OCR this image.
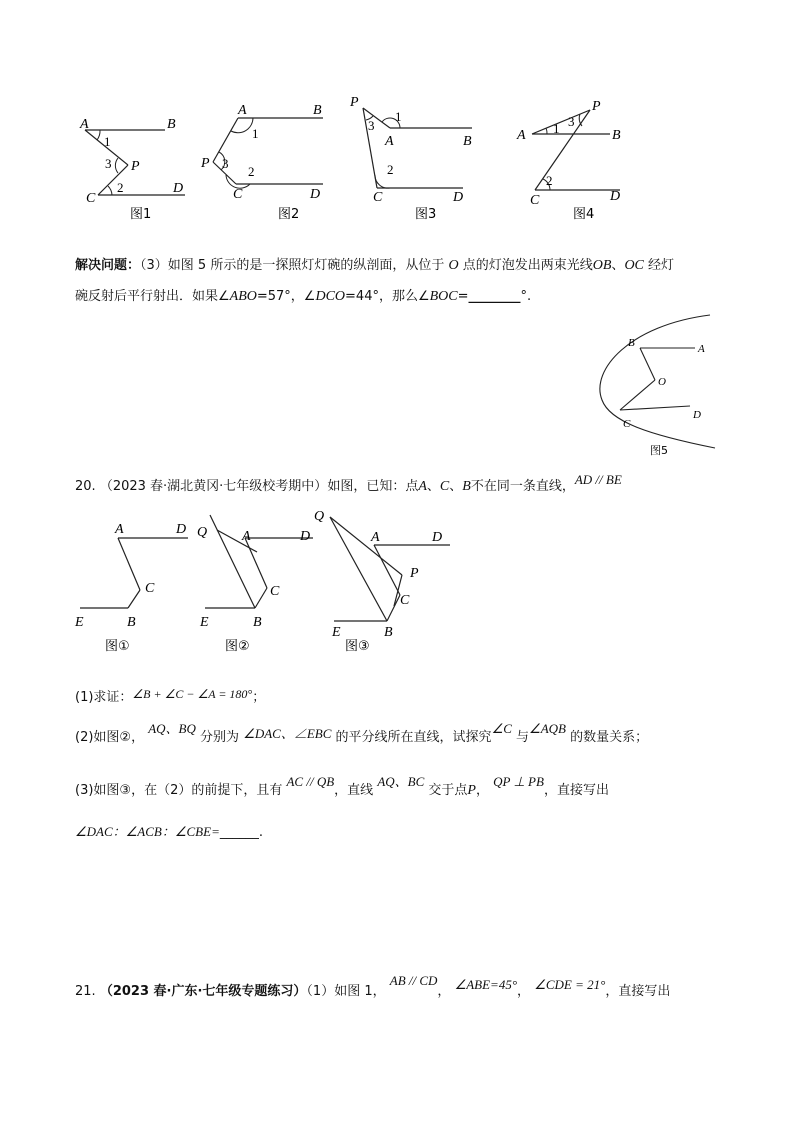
A	B
P
C
D
1
3
2
图1
A	B
P
C	D
1
3
2
图2
P
A	B
C	D
3
1
2
图3
A
P
B
C	D
1 3
2
图4
解决问题：（3）如图 5 所示的是一探照灯灯碗的纵剖面，从位于 O 点的灯泡发出两束光线OB、OC 经灯
碗反射后平行射出．如果∠ABO=57°，∠DCO=44°，那么∠BOC=________°.
B	A
O
D
C
图5
20. （2023 春·湖北黄冈·七年级校考期中）如图，已知：点A、C、B不在同一条直线，AD // BE
A	D
C
E	B
图①
Q A	D
C
E	B
图②
Q
A	D
P
C
E	B
图③
(1)求证：∠B + ∠C − ∠A = 180°；
(2)如图②， AQ、BQ 分别为 ∠DAC、∠EBC 的平分线所在直线，试探究∠C 与∠AQB 的数量关系；
(3)如图③，在（2）的前提下，且有 AC // QB，直线 AQ、BC 交于点P， QP ⊥ PB，直接写出
∠DAC：∠ACB：∠CBE=______.
21. （2023 春·广东·七年级专题练习）（1）如图 1， AB // CD， ∠ABE=45°， ∠CDE = 21°，直接写出
